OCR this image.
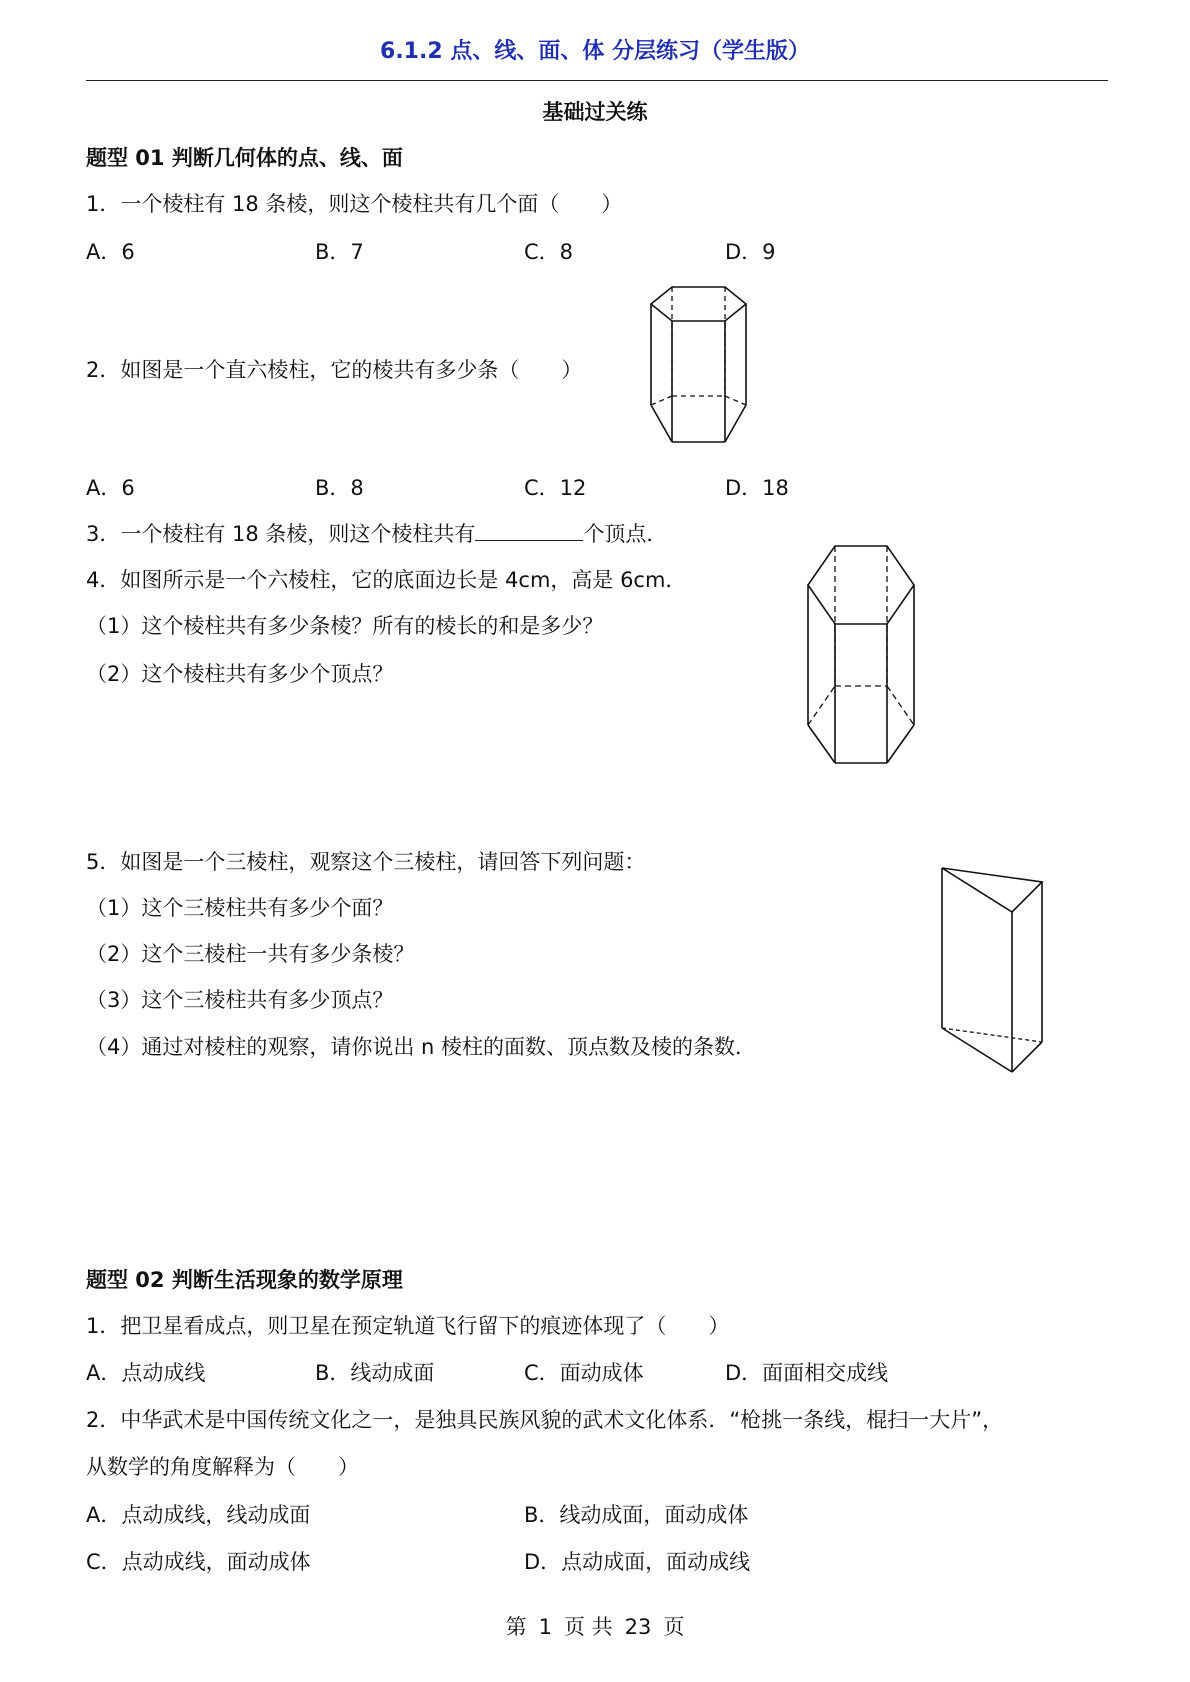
6.1.2 点、线、面、体 分层练习（学生版）
基础过关练
题型 01 判断几何体的点、线、面
1．一个棱柱有 18 条棱，则这个棱柱共有几个面（　　）
A．6	B．7	C．8	D．9
2．如图是一个直六棱柱，它的棱共有多少条（　　）
A．6	B．8	C．12	D．18
3．一个棱柱有 18 条棱，则这个棱柱共有	个顶点．
4．如图所示是一个六棱柱，它的底面边长是 4cm，高是 6cm．
（1）这个棱柱共有多少条棱？所有的棱长的和是多少？
（2）这个棱柱共有多少个顶点？
5．如图是一个三棱柱，观察这个三棱柱，请回答下列问题：
（1）这个三棱柱共有多少个面？
（2）这个三棱柱一共有多少条棱？
（3）这个三棱柱共有多少顶点？
（4）通过对棱柱的观察，请你说出 n 棱柱的面数、顶点数及棱的条数．
题型 02 判断生活现象的数学原理
1．把卫星看成点，则卫星在预定轨道飞行留下的痕迹体现了（　　）
A．点动成线	B．线动成面	C．面动成体	D．面面相交成线
2．中华武术是中国传统文化之一，是独具民族风貌的武术文化体系．“枪挑一条线，棍扫一大片”，
从数学的角度解释为（　　）
A．点动成线，线动成面	B．线动成面，面动成体
C．点动成线，面动成体	D．点动成面，面动成线
第 1 页 共 23 页
